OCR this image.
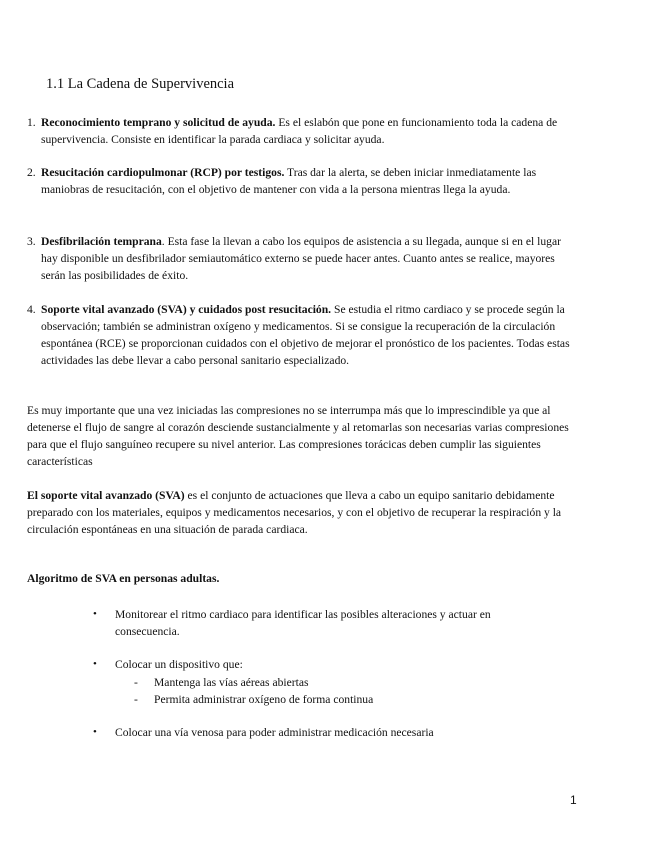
1.1 La Cadena de Supervivencia
1. Reconocimiento temprano y solicitud de ayuda. Es el eslabón que pone en funcionamiento toda la cadena de supervivencia. Consiste en identificar la parada cardiaca y solicitar ayuda.
2. Resucitación cardiopulmonar (RCP) por testigos. Tras dar la alerta, se deben iniciar inmediatamente las maniobras de resucitación, con el objetivo de mantener con vida a la persona mientras llega la ayuda.
3. Desfibrilación temprana. Esta fase la llevan a cabo los equipos de asistencia a su llegada, aunque si en el lugar hay disponible un desfibrilador semiautomático externo se puede hacer antes. Cuanto antes se realice, mayores serán las posibilidades de éxito.
4. Soporte vital avanzado (SVA) y cuidados post resucitación. Se estudia el ritmo cardiaco y se procede según la observación; también se administran oxígeno y medicamentos. Si se consigue la recuperación de la circulación espontánea (RCE) se proporcionan cuidados con el objetivo de mejorar el pronóstico de los pacientes. Todas estas actividades las debe llevar a cabo personal sanitario especializado.

Es muy importante que una vez iniciadas las compresiones no se interrumpa más que lo imprescindible ya que al detenerse el flujo de sangre al corazón desciende sustancialmente y al retomarlas son necesarias varias compresiones para que el flujo sanguíneo recupere su nivel anterior. Las compresiones torácicas deben cumplir las siguientes características

El soporte vital avanzado (SVA) es el conjunto de actuaciones que lleva a cabo un equipo sanitario debidamente preparado con los materiales, equipos y medicamentos necesarios, y con el objetivo de recuperar la respiración y la circulación espontáneas en una situación de parada cardiaca.

Algoritmo de SVA en personas adultas.
•	Monitorear el ritmo cardiaco para identificar las posibles alteraciones y actuar en consecuencia.
•	Colocar un dispositivo que:
-	Mantenga las vías aéreas abiertas
-	Permita administrar oxígeno de forma continua
•	Colocar una vía venosa para poder administrar medicación necesaria
1
